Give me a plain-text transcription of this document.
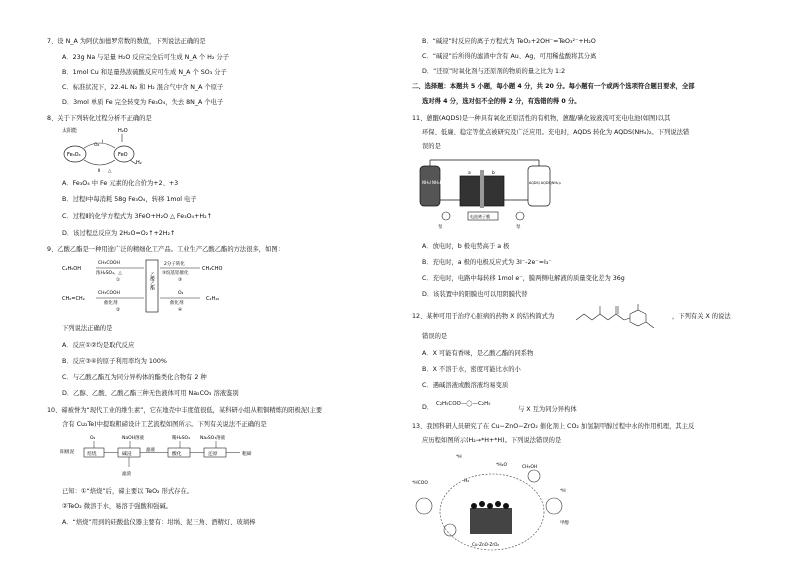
7、设 N_A 为阿伏加德罗常数的数值，下列说法正确的是
A．23g Na 与足量 H₂O 反应完全后可生成 N_A 个 H₂ 分子
B．1mol Cu 和足量热浓硫酸反应可生成 N_A 个 SO₃ 分子
C．标准状况下，22.4L N₂ 和 H₂ 混合气中含 N_A 个原子
D．3mol 单质 Fe 完全转变为 Fe₃O₄，失去 8N_A 个电子
8、关于下列转化过程分析不正确的是
太阳能	H₂O
Fe₃O₄	FeO
O₂
Ⅰ
Ⅱ △
H₂
A．Fe₃O₄ 中 Fe 元素的化合价为+2、+3
B．过程Ⅰ中每消耗 58g Fe₃O₄，转移 1mol 电子
C．过程Ⅱ的化学方程式为 3FeO+H₂O △ Fe₃O₄+H₂↑
D．该过程总反应为 2H₂O=O₂↑+2H₂↑
9、乙酸乙酯是一种用途广泛的精细化工产品。工业生产乙酸乙酯的方法很多，如图：
C₂H₅OH
CH₃COOH
浓H₂SO₄、△
①	乙酸乙酯
2分子转化
③烷基铝催化
③
CH₃CHO
CH₂=CH₂
CH₃COOH
催化剂
②
O₂
催化剂
④
C₄H₁₀
下列说法正确的是
A．反应①②均是取代反应
B．反应③④的原子利用率均为 100%
C．与乙酸乙酯互为同分异构体的酯类化合物有 2 种
D．乙醇、乙酸、乙酸乙酯三种无色液体可用 Na₂CO₃ 溶液鉴别
10、碲被誉为“现代工业的维生素”，它在地壳中丰度值很低，某科研小组从粗铜精炼的阳极泥(主要
含有 Cu₂Te)中提取粗碲设计工艺流程如图所示。下列有关说法不正确的是
阳极泥
O₂	NaOH溶液	稀H₂SO₄ Na₂SO₃溶液
焙烧	碱浸
滤液
滤渣
酸化	还原	粗碲
已知：①“焙烧”后，碲主要以 TeO₂ 形式存在。
②TeO₂ 微溶于水，易溶于强酸和强碱。
A．“焙烧”用到的硅酸盐仪器主要有：坩埚、泥三角、酒精灯、玻璃棒
B．“碱浸”时反应的离子方程式为 TeO₂+2OH⁻=TeO₃²⁻+H₂O
C．“碱浸”后所得的滤渣中含有 Au、Ag，可用稀盐酸将其分离
D．“还原”时氧化剂与还原剂的物质的量之比为 1:2
二、选择题：本题共 5 小题，每小题 4 分，共 20 分。每小题有一个或两个选项符合题目要求，全部
选对得 4 分，选对但不全的得 2 分，有选错的得 0 分。
11、蒽醌(AQDS)是一种具有氧化还原活性的有机物，蒽醌/碘化铵液流可充电电池(如图)以其
环保、低廉、稳定等优点被研究及广泛应用。充电时，AQDS 转化为 AQDS(NH₄)₂。下列说法错
误的是
NH₄I NH₄I₃	AQDS/ AQDS(NH₄)₂
a	b
泵	泵
电池离子膜
A．放电时，b 极电势高于 a 极
B．充电时，a 极的电极反应式为 3I⁻-2e⁻=I₃⁻
C．充电时，电路中每转移 1mol e⁻，膜两侧电解液的质量变化差为 36g
D．该装置中的阳膜也可以用阴膜代替
12、某种可用于治疗心脏病的药物 X 的结构简式为	，下列有关 X 的说法
错误的是
A．X 可能有香味，是乙酸乙酯的同系物
B．X 不溶于水，密度可能比水的小
C．遇碱溶液或酸溶液均易变质
D． C₂H₅COO—◯—C₂H₅
与 X 互为同分异构体
13、我国科研人员研究了在 Cu−ZnO−ZrO₂ 催化剂上 CO₂ 加氢制甲醇过程中水的作用机理，其主反
应历程如图所示(H₂→*H+*H)。下列说法错误的是
*H
*H₂O
*HCOO	H₂
CH₃OH
*H
甲醇
Cu-ZnO-ZrO₂
